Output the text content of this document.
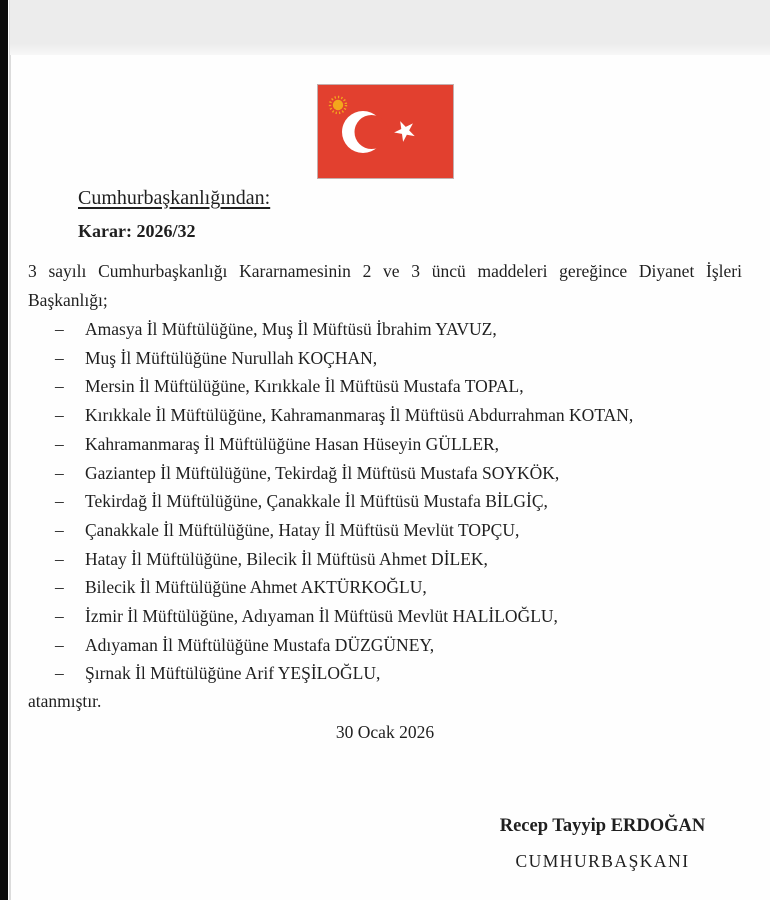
Cumhurbaşkanlığından:
Karar: 2026/32

3 sayılı Cumhurbaşkanlığı Kararnamesinin 2 ve 3 üncü maddeleri gereğince Diyanet İşleri Başkanlığı;

–	Amasya İl Müftülüğüne, Muş İl Müftüsü İbrahim YAVUZ,
–	Muş İl Müftülüğüne Nurullah KOÇHAN,
–	Mersin İl Müftülüğüne, Kırıkkale İl Müftüsü Mustafa TOPAL,
–	Kırıkkale İl Müftülüğüne, Kahramanmaraş İl Müftüsü Abdurrahman KOTAN,
–	Kahramanmaraş İl Müftülüğüne Hasan Hüseyin GÜLLER,
–	Gaziantep İl Müftülüğüne, Tekirdağ İl Müftüsü Mustafa SOYKÖK,
–	Tekirdağ İl Müftülüğüne, Çanakkale İl Müftüsü Mustafa BİLGİÇ,
–	Çanakkale İl Müftülüğüne, Hatay İl Müftüsü Mevlüt TOPÇU,
–	Hatay İl Müftülüğüne, Bilecik İl Müftüsü Ahmet DİLEK,
–	Bilecik İl Müftülüğüne Ahmet AKTÜRKOĞLU,
–	İzmir İl Müftülüğüne, Adıyaman İl Müftüsü Mevlüt HALİLOĞLU,
–	Adıyaman İl Müftülüğüne Mustafa DÜZGÜNEY,
–	Şırnak İl Müftülüğüne Arif YEŞİLOĞLU,
atanmıştır.
30 Ocak 2026
Recep Tayyip ERDOĞAN
CUMHURBAŞKANI
